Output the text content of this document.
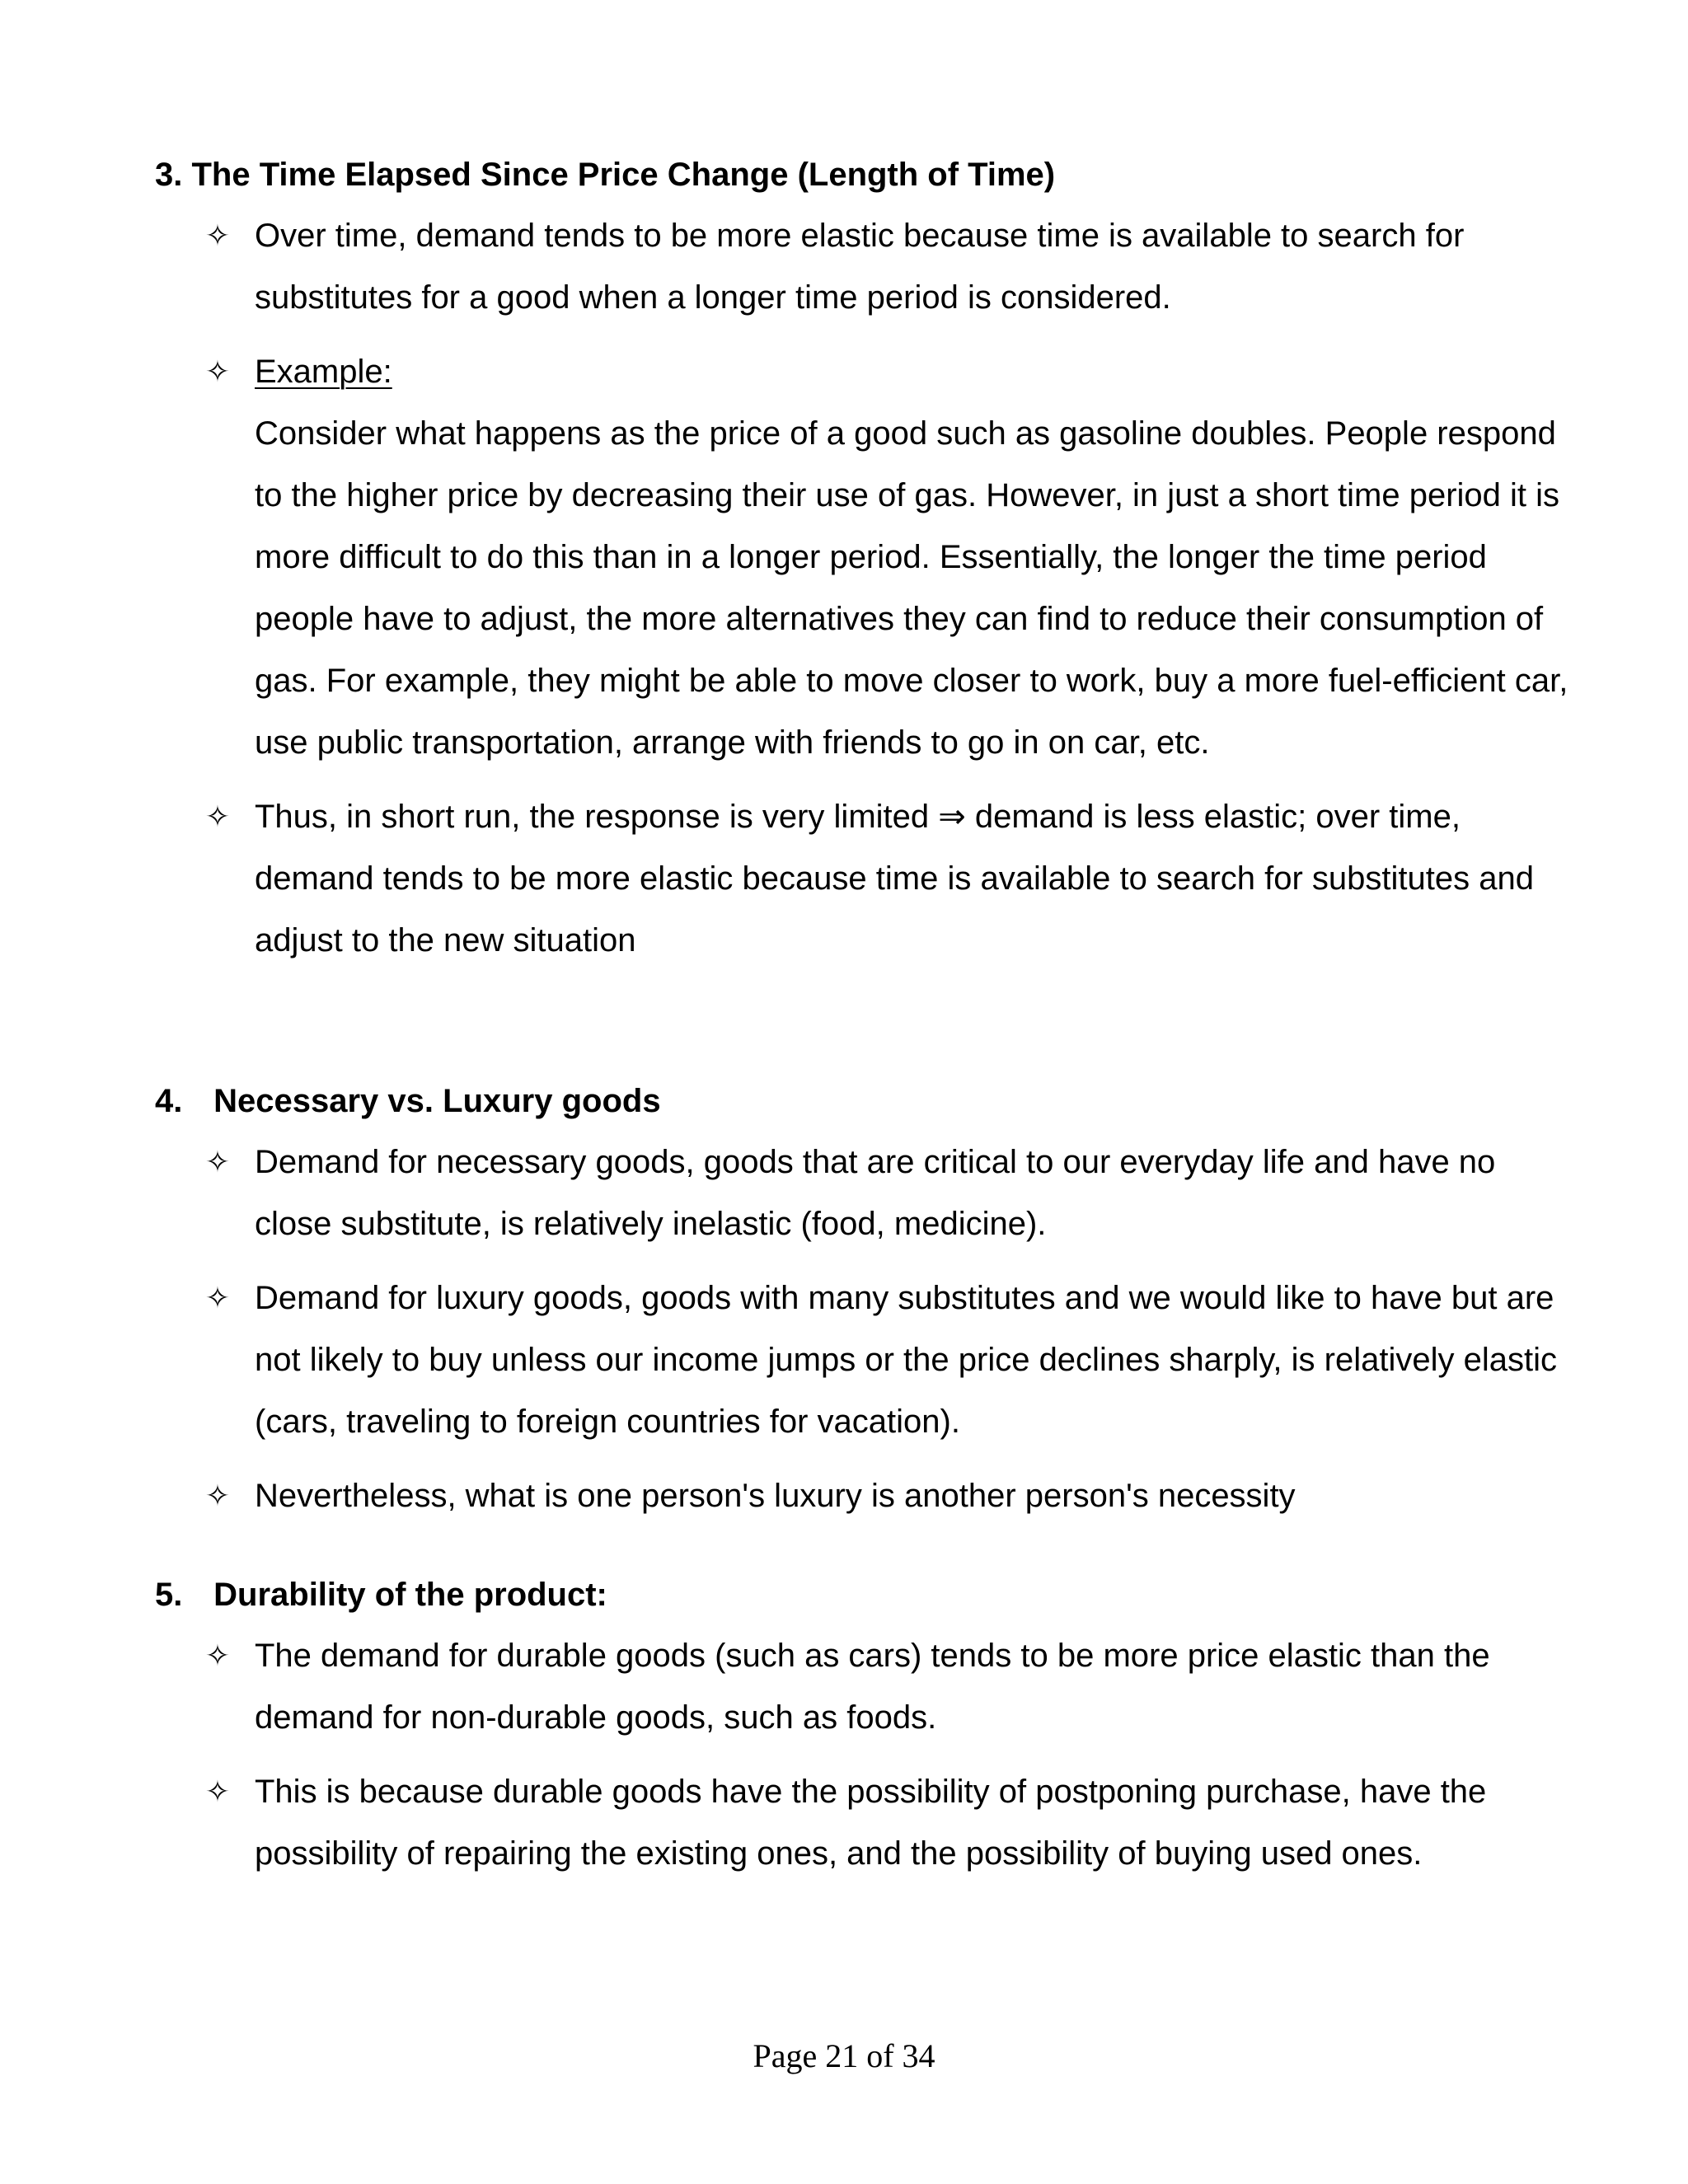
3. The Time Elapsed Since Price Change (Length of Time)
✧ Over time, demand tends to be more elastic because time is available to search for substitutes for a good when a longer time period is considered.
✧ Example:
Consider what happens as the price of a good such as gasoline doubles. People respond to the higher price by decreasing their use of gas. However, in just a short time period it is more difficult to do this than in a longer period. Essentially, the longer the time period people have to adjust, the more alternatives they can find to reduce their consumption of gas. For example, they might be able to move closer to work, buy a more fuel-efficient car, use public transportation, arrange with friends to go in on car, etc.
✧ Thus, in short run, the response is very limited ⇒ demand is less elastic; over time, demand tends to be more elastic because time is available to search for substitutes and adjust to the new situation
4. Necessary vs. Luxury goods
✧ Demand for necessary goods, goods that are critical to our everyday life and have no close substitute, is relatively inelastic (food, medicine).
✧ Demand for luxury goods, goods with many substitutes and we would like to have but are not likely to buy unless our income jumps or the price declines sharply, is relatively elastic (cars, traveling to foreign countries for vacation).
✧ Nevertheless, what is one person's luxury is another person's necessity
5. Durability of the product:
✧ The demand for durable goods (such as cars) tends to be more price elastic than the demand for non-durable goods, such as foods.
✧ This is because durable goods have the possibility of postponing purchase, have the possibility of repairing the existing ones, and the possibility of buying used ones.
Page 21 of 34
